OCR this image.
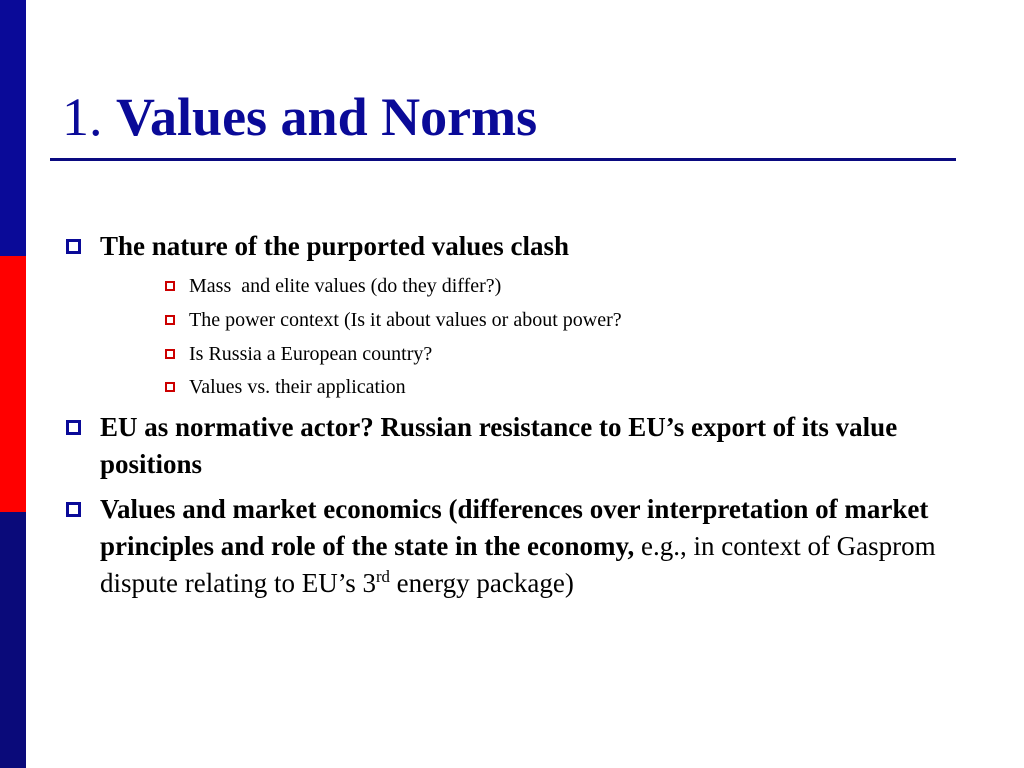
1. Values and Norms
The nature of the purported values clash
Mass  and elite values (do they differ?)
The power context (Is it about values or about power?
Is Russia a European country?
Values vs. their application
EU as normative actor? Russian resistance to EU’s export of its value positions
Values and market economics (differences over interpretation of market principles and role of the state in the economy, e.g., in context of Gasprom dispute relating to EU’s 3rd energy package)
